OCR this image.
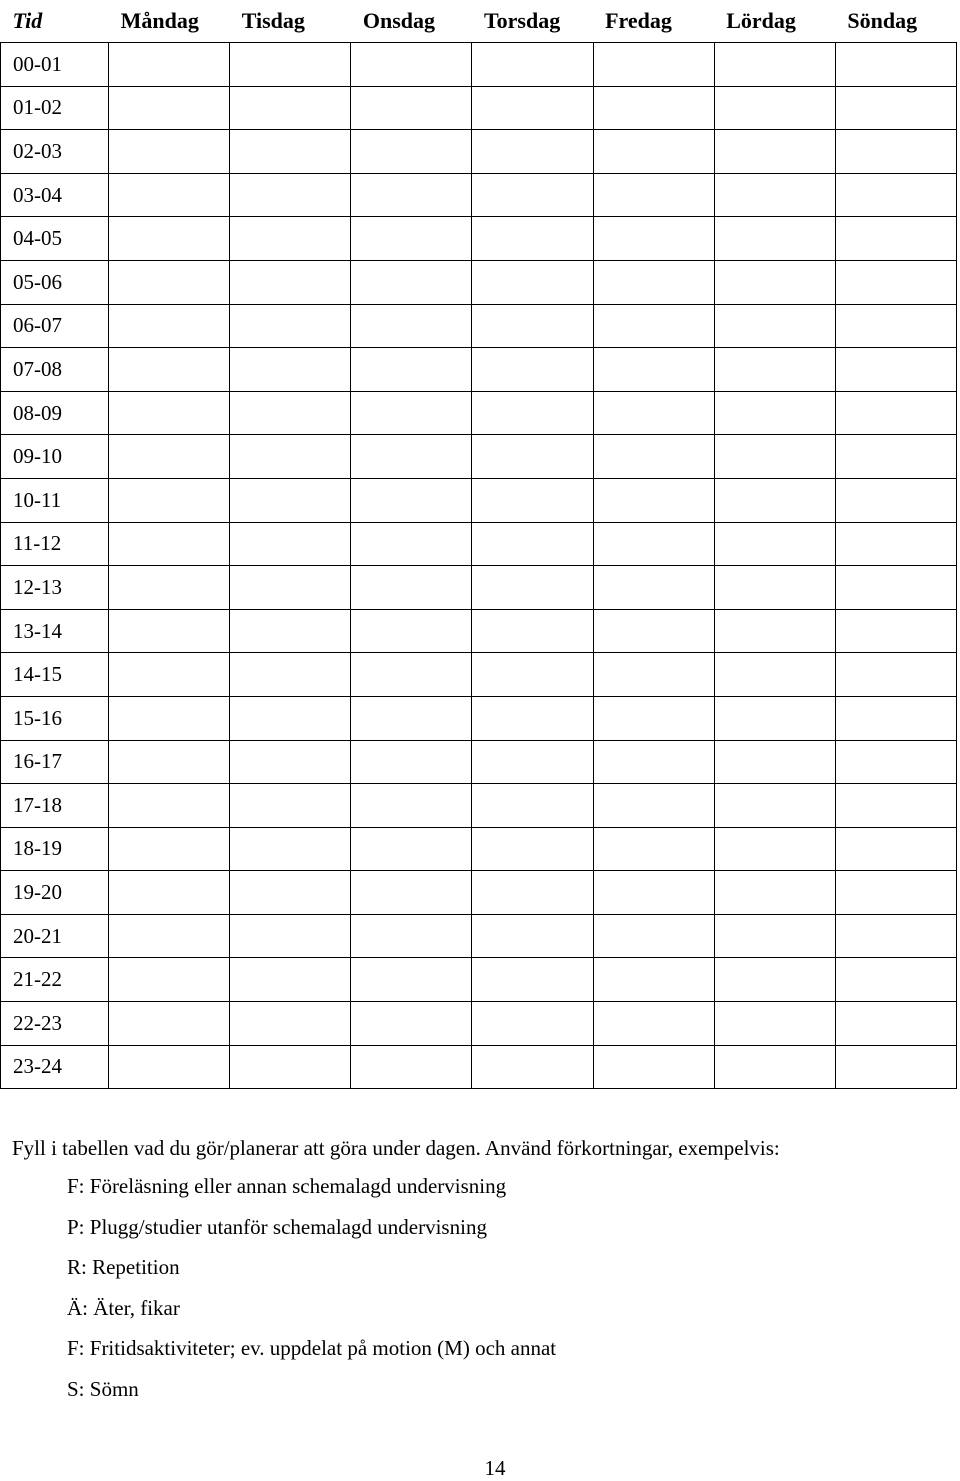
Tid	Måndag	Tisdag	Onsdag	Torsdag	Fredag	Lördag	Söndag
00-01							
01-02							
02-03							
03-04							
04-05							
05-06							
06-07							
07-08							
08-09							
09-10							
10-11							
11-12							
12-13							
13-14							
14-15							
15-16							
16-17							
17-18							
18-19							
19-20							
20-21							
21-22							
22-23							
23-24							

Fyll i tabellen vad du gör/planerar att göra under dagen. Använd förkortningar, exempelvis:

F: Föreläsning eller annan schemalagd undervisning
P: Plugg/studier utanför schemalagd undervisning
R: Repetition
Ä: Äter, fikar
F: Fritidsaktiviteter; ev. uppdelat på motion (M) och annat
S: Sömn
14
